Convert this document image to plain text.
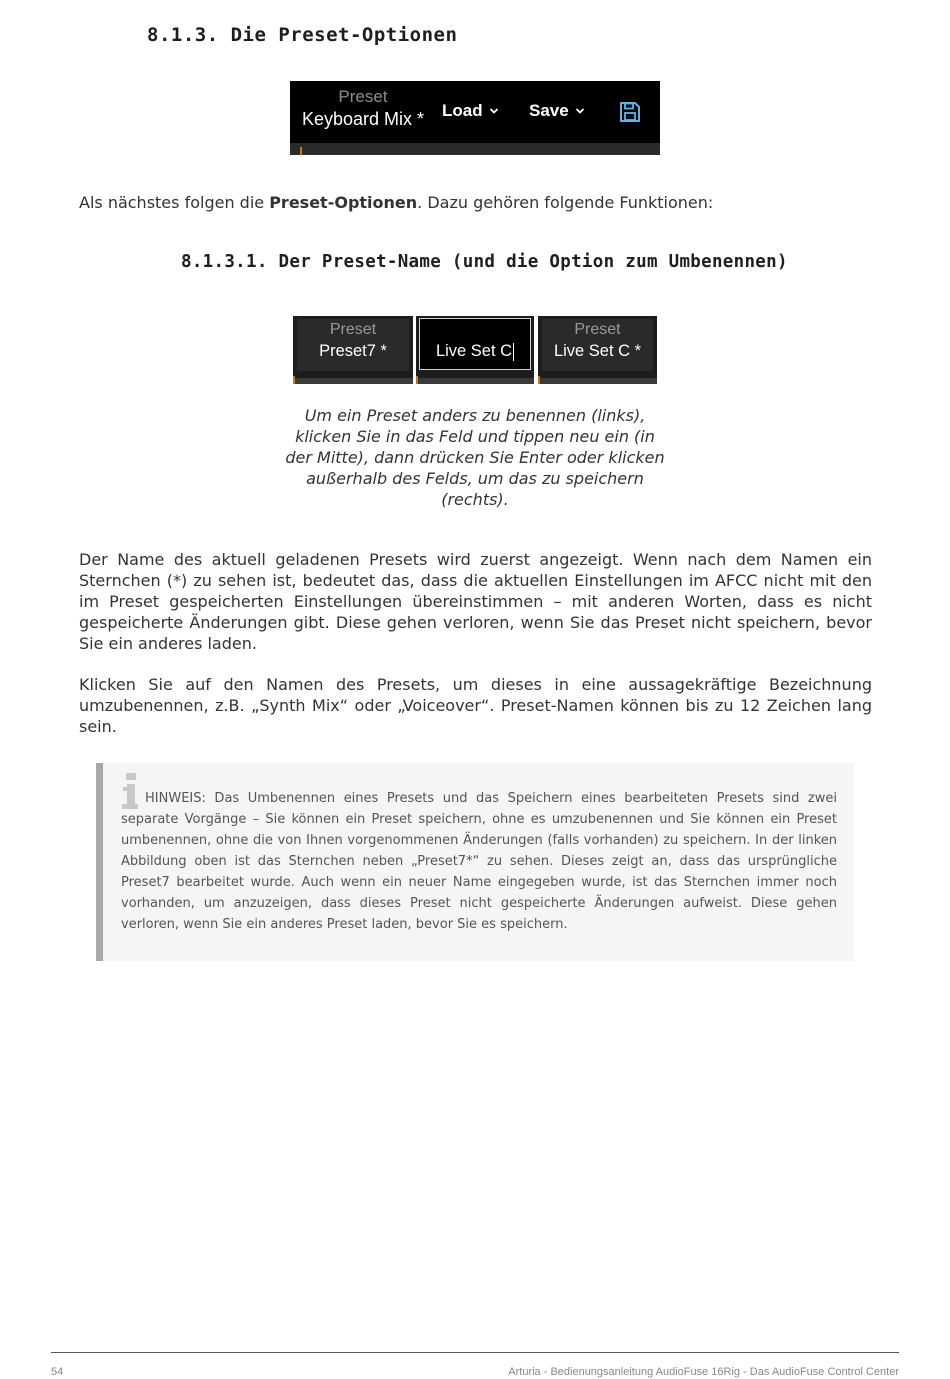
8.1.3. Die Preset-Optionen
Preset
Keyboard Mix *	Load	Save

Als nächstes folgen die Preset-Optionen. Dazu gehören folgende Funktionen:

8.1.3.1. Der Preset-Name (und die Option zum Umbenennen)
Preset
Preset7 *	Live Set C
Preset
Live Set C *
Um ein Preset anders zu benennen (links), klicken Sie in das Feld und tippen neu ein (in der Mitte), dann drücken Sie Enter oder klicken außerhalb des Felds, um das zu speichern (rechts).

Der Name des aktuell geladenen Presets wird zuerst angezeigt. Wenn nach dem Namen ein Sternchen (*) zu sehen ist, bedeutet das, dass die aktuellen Einstellungen im AFCC nicht mit den im Preset gespeicherten Einstellungen übereinstimmen – mit anderen Worten, dass es nicht gespeicherte Änderungen gibt. Diese gehen verloren, wenn Sie das Preset nicht speichern, bevor Sie ein anderes laden.

Klicken Sie auf den Namen des Presets, um dieses in eine aussagekräftige Bezeichnung umzubenennen, z.B. „Synth Mix“ oder „Voiceover“. Preset-Namen können bis zu 12 Zeichen lang sein.

HINWEIS: Das Umbenennen eines Presets und das Speichern eines bearbeiteten Presets sind zwei separate Vorgänge – Sie können ein Preset speichern, ohne es umzubenennen und Sie können ein Preset umbenennen, ohne die von Ihnen vorgenommenen Änderungen (falls vorhanden) zu speichern. In der linken Abbildung oben ist das Sternchen neben „Preset7*“ zu sehen. Dieses zeigt an, dass das ursprüngliche Preset7 bearbeitet wurde. Auch wenn ein neuer Name eingegeben wurde, ist das Sternchen immer noch vorhanden, um anzuzeigen, dass dieses Preset nicht gespeicherte Änderungen aufweist. Diese gehen verloren, wenn Sie ein anderes Preset laden, bevor Sie es speichern.

54	Arturia - Bedienungsanleitung AudioFuse 16Rig - Das AudioFuse Control Center
